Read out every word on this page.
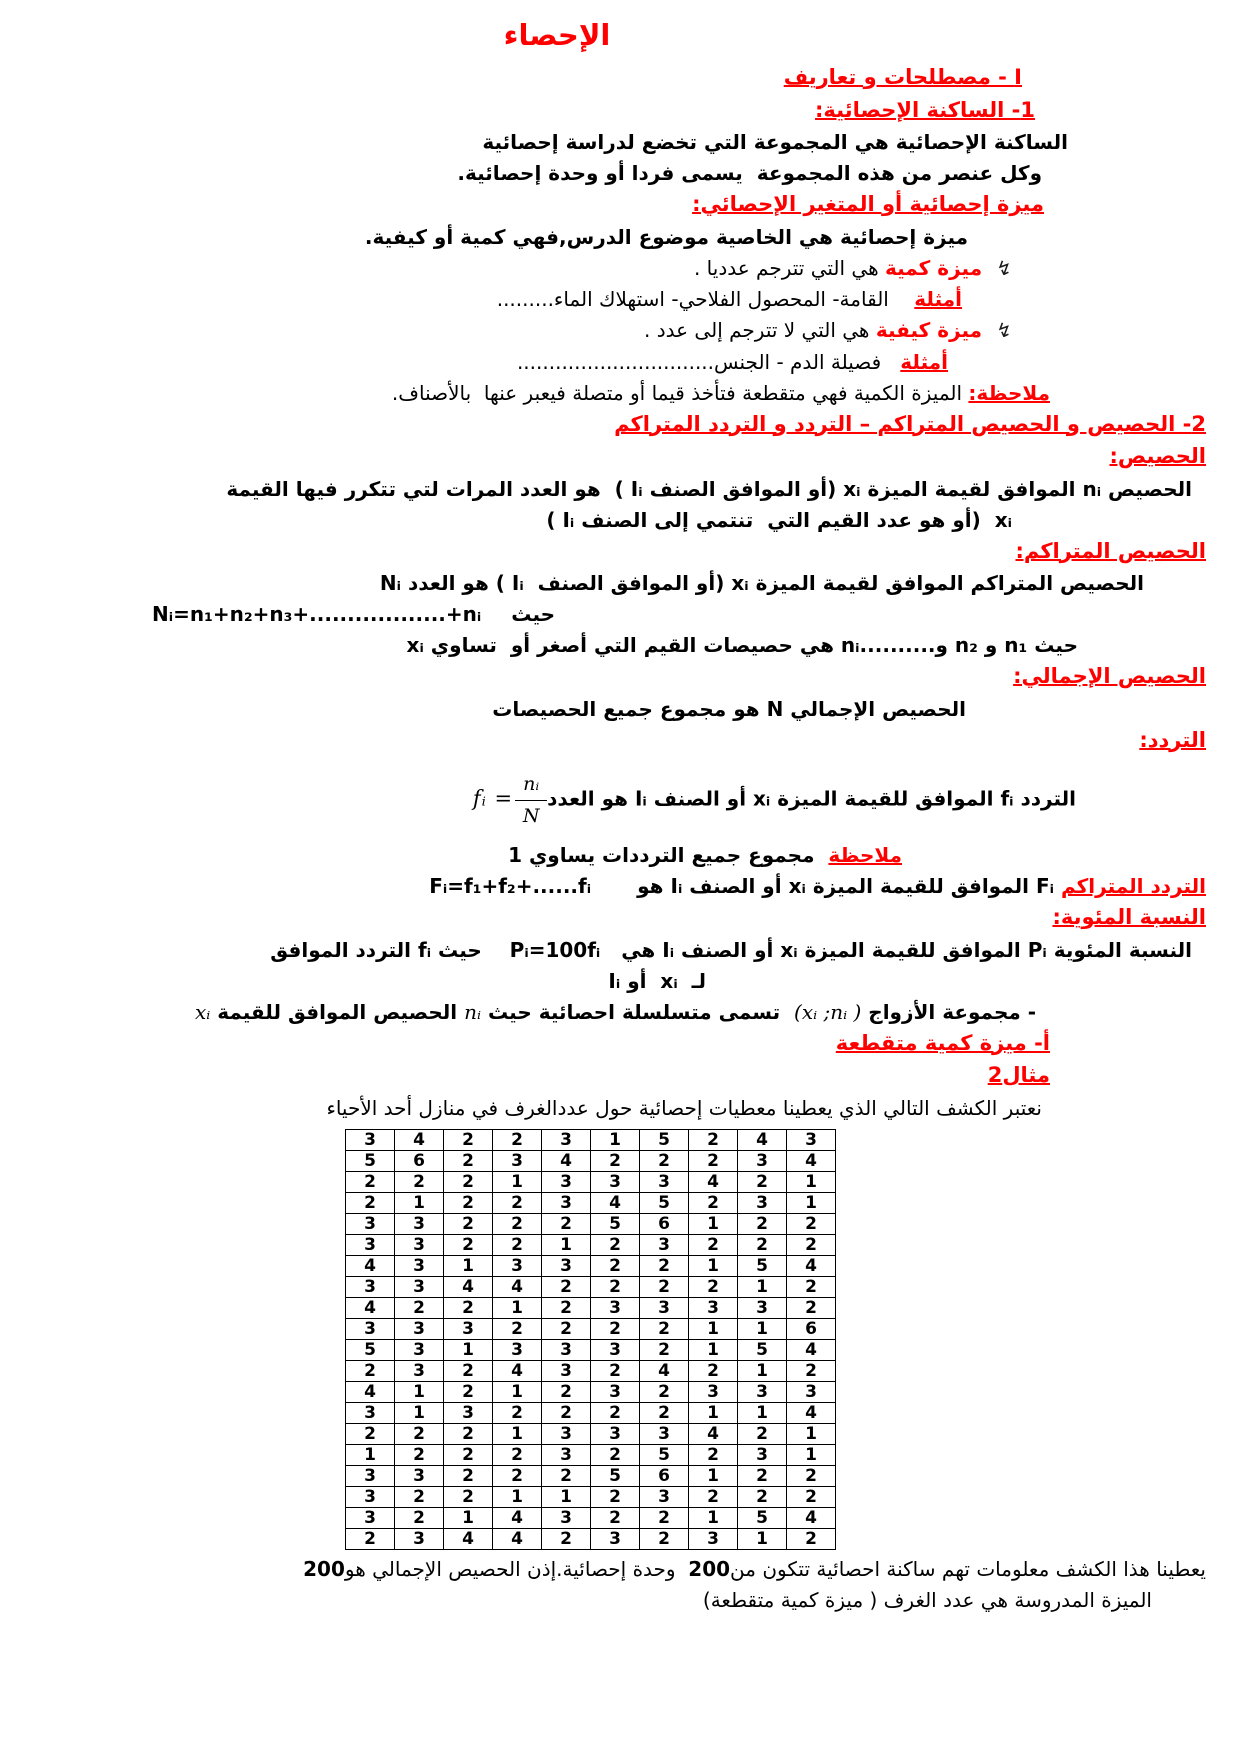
الإحصاء
I - مصطلحات و تعاريف
1- الساكنة الإحصائية:
الساكنة الإحصائية هي المجموعة التي تخضع لدراسة إحصائية
وكل عنصر من هذه المجموعة  يسمى فردا أو وحدة إحصائية.
ميزة إحصائية أو المتغير الإحصائي:
ميزة إحصائية هي الخاصية موضوع الدرس,فهي كمية أو كيفية.
↯ميزة كمية هي التي تترجم عدديا .
أمثلة    القامة- المحصول الفلاحي- استهلاك الماء.........
↯ميزة كيفية هي التي لا تترجم إلى عدد .
أمثلة   فصيلة الدم - الجنس...............................
ملاحظة: الميزة الكمية فهي متقطعة فتأخذ قيما أو متصلة فيعبر عنها  بالأصناف.
2- الحصيص و الحصيص المتراكم – التردد و التردد المتراكم
الحصيص:
الحصيص nᵢ الموافق لقيمة الميزة xᵢ (أو الموافق الصنف Iᵢ )  هو العدد المرات لتي تتكرر فيها القيمة
xᵢ  (أو هو عدد القيم التي  تنتمي إلى الصنف Iᵢ )
الحصيص المتراكم:
الحصيص المتراكم الموافق لقيمة الميزة xᵢ (أو الموافق الصنف  Iᵢ ) هو العدد Nᵢ
حيثNᵢ=n₁+n₂+n₃+..................+nᵢ
حيث n₁ و n₂ و..........nᵢ هي حصيصات القيم التي أصغر أو  تساوي xᵢ
الحصيص الإجمالي:
الحصيص الإجمالي N هو مجموع جميع الحصيصات
التردد:
التردد fᵢ الموافق للقيمة الميزة xᵢ أو الصنف Iᵢ هو العددfᵢ = $\frac{\text{nᵢ}}{N}$
ملاحظة  مجموع جميع الترددات يساوي 1
التردد المتراكم Fᵢ الموافق للقيمة الميزة xᵢ أو الصنف Iᵢ هوFᵢ=f₁+f₂+......fᵢ
النسبة المئوية:
النسبة المئوية Pᵢ الموافق للقيمة الميزة xᵢ أو الصنف Iᵢ هي   Pᵢ=100fᵢ    حيث fᵢ التردد الموافق
لـ  xᵢ  أو Iᵢ
- مجموعة الأزواج (xᵢ ;nᵢ )  تسمى متسلسلة احصائية حيث nᵢ الحصيص الموافق للقيمة xᵢ
أ- ميزة كمية متقطعة
مثال2
نعتبر الكشف التالي الذي يعطينا معطيات إحصائية حول عددالغرف في منازل أحد الأحياء
3	4	2	2	3	1	5	2	4	3
5	6	2	3	4	2	2	2	3	4
2	2	2	1	3	3	3	4	2	1
2	1	2	2	3	4	5	2	3	1
3	3	2	2	2	5	6	1	2	2
3	3	2	2	1	2	3	2	2	2
4	3	1	3	3	2	2	1	5	4
3	3	4	4	2	2	2	2	1	2
4	2	2	1	2	3	3	3	3	2
3	3	3	2	2	2	2	1	1	6
5	3	1	3	3	3	2	1	5	4
2	3	2	4	3	2	4	2	1	2
4	1	2	1	2	3	2	3	3	3
3	1	3	2	2	2	2	1	1	4
2	2	2	1	3	3	3	4	2	1
1	2	2	2	3	2	5	2	3	1
3	3	2	2	2	5	6	1	2	2
3	2	2	1	1	2	3	2	2	2
3	2	1	4	3	2	2	1	5	4
2	3	4	4	2	3	2	3	1	2
يعطينا هذا الكشف معلومات تهم ساكنة احصائية تتكون من200  وحدة إحصائية.إذن الحصيص الإجمالي هو200
الميزة المدروسة هي عدد الغرف ( ميزة كمية متقطعة)
